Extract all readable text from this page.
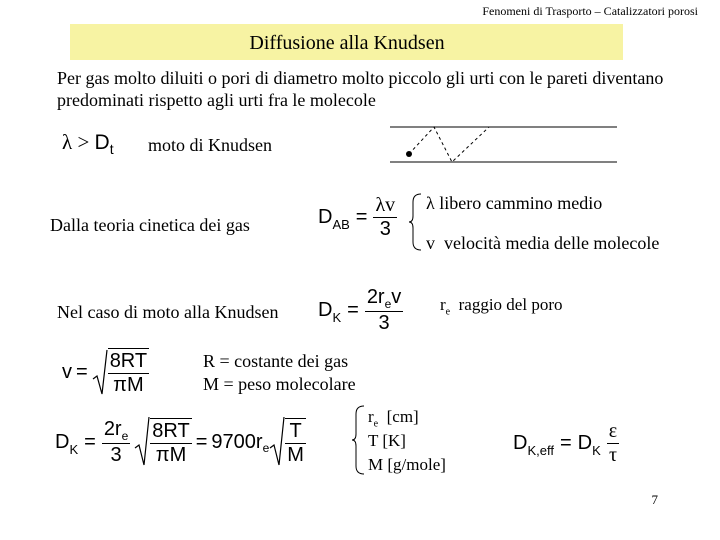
Fenomeni di Trasporto – Catalizzatori porosi
Diffusione alla Knudsen
Per gas molto diluiti o pori di diametro molto piccolo gli urti con le pareti diventano predominati rispetto agli urti fra le molecole
$\lambda > D_t$ moto di Knudsen
Dalla teoria cinetica dei gas	$D_{AB} = \frac{\lambda v}{3}$ λ libero cammino medio
v velocità media delle molecole
Nel caso di moto alla Knudsen $D_K = \frac{2r_ev}{3} r_e$ raggio del poro
$v = \frac{8RT}{\pi M}$	R = costante dei gas
M = peso molecolare
$D_K = \frac{2r_e}{3} \frac{8RT}{\pi M} = 9700r_e \frac{T}{M}$
$r_e$ [cm]
T [K]
M [g/mole]
$D_{K,eff} = D_K \frac{\varepsilon}{\tau}$
7
